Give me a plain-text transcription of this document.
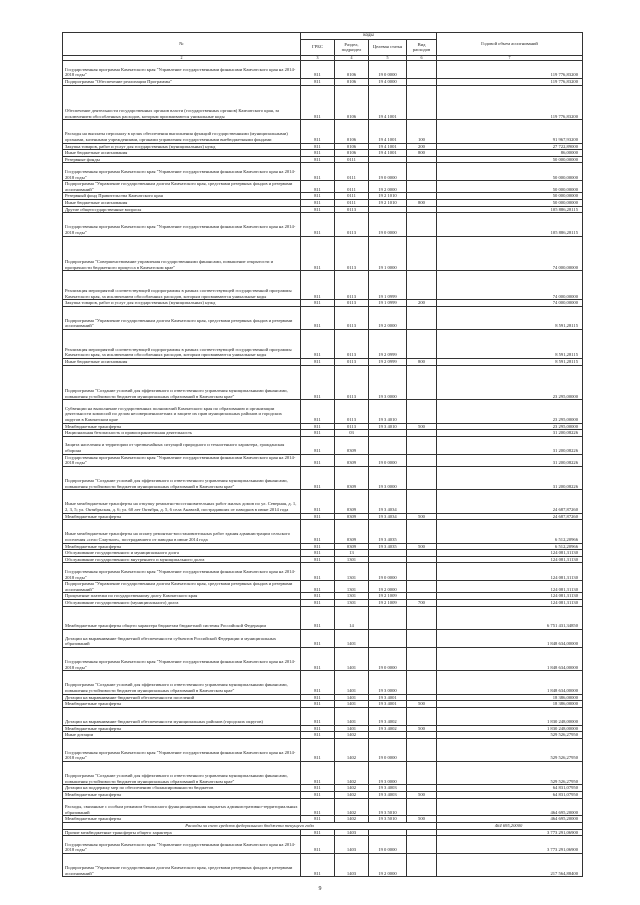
№	коды				Годовой объем ассигнований
	ГРБС	Раздел, подраздел	Целевая статья	Вид расходов	
2	3	4	5	6	7
Государственная программа Камчатского края "Управление государственными финансами Камчатского края на 2014-2018 годы"	811	0106	19 0 0000		119 776,83200
Подпрограмма "Обеспечение реализации Программы"	811	0106	19 4 0000		119 776,83200
Обеспечение деятельности государственных органов власти (государственных органов) Камчатского края, за исключением обособленных расходов, которым присваиваются уникальные коды	811	0106	19 4 1001		119 776,83200
Расходы на выплаты персоналу в целях обеспечения выполнения функций государственными (муниципальными) органами, казенными учреждениями, органами управления государственными внебюджетными фондами	811	0106	19 4 1001	100	91 967,93200
Закупка товаров, работ и услуг для государственных (муниципальных) нужд	811	0106	19 4 1001	200	27 722,89000
Иные бюджетные ассигнования	811	0106	19 4 1001	800	86,00000
Резервные фонды	811	0111			50 000,00000
Государственная программа Камчатского края "Управление государственными финансами Камчатского края на 2014-2018 годы"	811	0111	19 0 0000		50 000,00000
Подпрограмма "Управление государственным долгом Камчатского края, средствами резервных фондов и резервами ассигнований"	811	0111	19 2 0000		50 000,00000
Резервный фонд Правительства Камчатского края	811	0111	19 2 1010		50 000,00000
Иные бюджетные ассигнования	811	0111	19 2 1010	800	50 000,00000
Другие общегосударственные вопросы	811	0113			105 886,28115
Государственная программа Камчатского края "Управление государственными финансами Камчатского края на 2014-2018 годы"	811	0113	19 0 0000		105 886,28115
Подпрограмма "Совершенствование управления государственными финансами, повышение открытости и прозрачности бюджетного процесса в Камчатском крае"	811	0113	19 1 0000		74 000,00000
Реализация мероприятий соответствующей подпрограммы в рамках соответствующей государственной программы Камчатского края, за исключением обособленных расходов, которым присваиваются уникальные коды	811	0113	19 1 0999		74 000,00000
Закупка товаров, работ и услуг для государственных (муниципальных) нужд	811	0113	19 1 0999	200	74 000,00000
Подпрограмма "Управление государственным долгом Камчатского края, средствами резервных фондов и резервами ассигнований"	811	0113	19 2 0000		8 591,28115
Реализация мероприятий соответствующей подпрограммы в рамках соответствующей государственной программы Камчатского края, за исключением обособленных расходов, которым присваиваются уникальные коды	811	0113	19 2 0999		8 591,28115
Иные бюджетные ассигнования	811	0113	19 2 0999	800	8 591,28115
Подпрограмма "Создание условий для эффективного и ответственного управления муниципальными финансами, повышения устойчивости бюджетов муниципальных образований в Камчатском крае"	811	0113	19 3 0000		23 295,00000
Субвенции на выполнение государственных полномочий Камчатского края по образованию и организации деятельности комиссий по делам несовершеннолетних и защите их прав муниципальных районов и городских округов в Камчатском крае	811	0113	19 3 4010		23 295,00000
Межбюджетные трансферты	811	0113	19 3 4010	500	23 295,00000
Национальная безопасность и правоохранительная деятельность	811	03			31 200,08226
Защита населения и территории от чрезвычайных ситуаций природного и техногенного характера, гражданская оборона	811	0309			31 200,08226
Государственная программа Камчатского края "Управление государственными финансами Камчатского края на 2014-2018 годы"	811	0309	19 0 0000		31 200,08226
Подпрограмма "Создание условий для эффективного и ответственного управления муниципальными финансами, повышения устойчивости бюджетов муниципальных образований в Камчатском крае"	811	0309	19 3 0000		31 200,08226
Иные межбюджетные трансферты на откупку ремонтно-восстановительных работ жилых домов по ул. Северная, д. 1, 2, 3, 5; ул. Октябрьская, д. 6; ул. 60 лет Октября, д. 5, 6 села Анавгай, пострадавших от паводков в июне 2014 года	811	0309	19 3 4034		24 687,87260
Межбюджетные трансферты	811	0309	19 3 4034	500	24 687,87260
Иные межбюджетные трансферты на оплату ремонтно-восстановительных работ здания администрации сельского поселения «село Слаутное», пострадавшего от паводка в июне 2014 года	811	0309	19 3 4035		6 512,20966
Межбюджетные трансферты	811	0309	19 3 4035	500	6 512,20966
Обслуживание государственного и муниципального долга	811	13			124 081,31130
Обслуживание государственного внутреннего и муниципального долга	811	1301			124 081,31130
Государственная программа Камчатского края "Управление государственными финансами Камчатского края на 2014-2018 годы"	811	1301	19 0 0000		124 081,31130
Подпрограмма "Управление государственным долгом Камчатского края, средствами резервных фондов и резервами ассигнований"	811	1301	19 2 0000		124 081,31130
Процентные платежи по государственному долгу Камчатского края	811	1301	19 2 1009		124 081,31130
Обслуживание государственного (муниципального) долга	811	1301	19 2 1009	700	124 081,31130
Межбюджетные трансферты общего характера бюджетам бюджетной системы Российской Федерации	811	14			6 751 431,34850
Дотации на выравнивание бюджетной обеспеченности субъектов Российской Федерации и муниципальных образований	811	1401			1 848 634,00000
Государственная программа Камчатского края "Управление государственными финансами Камчатского края на 2014-2018 годы"	811	1401	19 0 0000		1 848 634,00000
Подпрограмма "Создание условий для эффективного и ответственного управления муниципальными финансами, повышения устойчивости бюджетов муниципальных образований в Камчатском крае"	811	1401	19 3 0000		1 848 634,00000
Дотации на выравнивание бюджетной обеспеченности поселений	811	1401	19 3 4001		18 386,00000
Межбюджетные трансферты	811	1401	19 3 4001	500	18 386,00000
Дотации на выравнивание бюджетной обеспеченности муниципальных районов (городских округов)	811	1401	19 3 4002		1 830 248,00000
Межбюджетные трансферты	811	1401	19 3 4002	500	1 830 248,00000
Иные дотации	811	1402			529 526,27950
Государственная программа Камчатского края "Управление государственными финансами Камчатского края на 2014-2018 годы"	811	1402	19 0 0000		529 526,27950
Подпрограмма "Создание условий для эффективного и ответственного управления муниципальными финансами, повышения устойчивости бюджетов муниципальных образований в Камчатском крае"	811	1402	19 3 0000		529 526,27950
Дотации на поддержку мер по обеспечению сбалансированности бюджетов	811	1402	19 3 4003		64 831,07950
Межбюджетные трансферты	811	1402	19 3 4003	500	64 831,07950
Расходы, связанные с особым режимом безопасного функционирования закрытых административно-территориальных образований	811	1402	19 3 5010		464 695,20000
Межбюджетные трансферты	811	1402	19 3 5010	500	464 695,20000
Расходы за счет средств федерального бюджета текущего года					464 695,20000
Прочие межбюджетные трансферты общего характера	811	1403			3 773 291,06900
Государственная программа Камчатского края "Управление государственными финансами Камчатского края на 2014-2018 годы"	811	1403	19 0 0000		3 773 291,06900
Подпрограмма "Управление государственным долгом Камчатского края, средствами резервных фондов и резервами ассигнований"	811	1403	19 2 0000		217 564,88400
9
